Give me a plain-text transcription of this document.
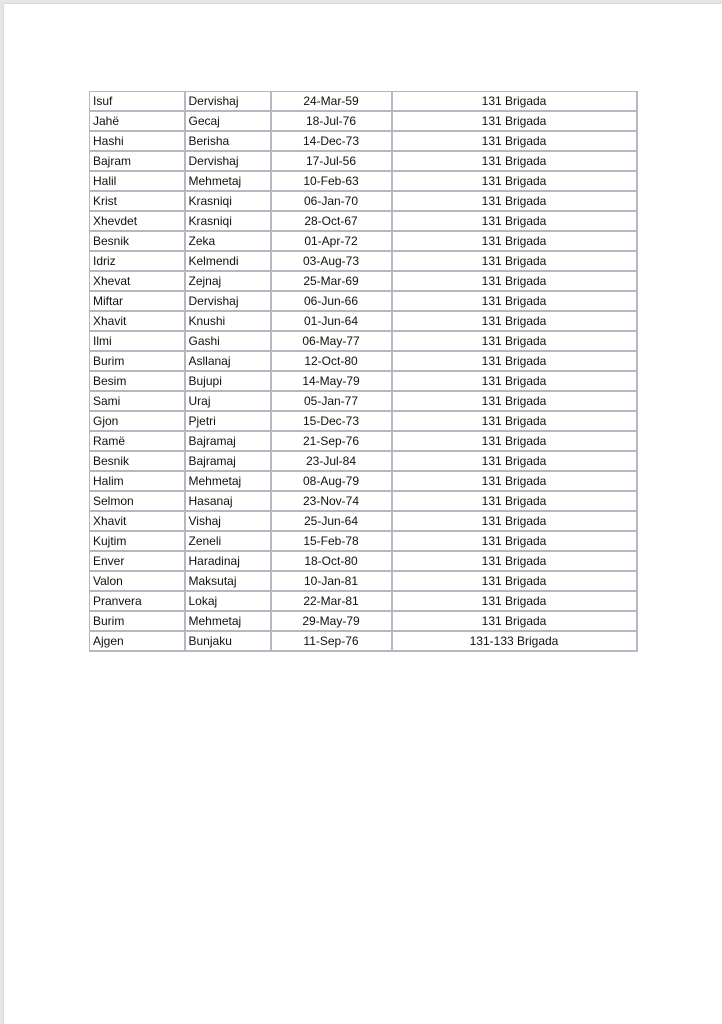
Isuf	Dervishaj	24-Mar-59	131 Brigada
Jahë	Gecaj	18-Jul-76	131 Brigada
Hashi	Berisha	14-Dec-73	131 Brigada
Bajram	Dervishaj	17-Jul-56	131 Brigada
Halil	Mehmetaj	10-Feb-63	131 Brigada
Krist	Krasniqi	06-Jan-70	131 Brigada
Xhevdet	Krasniqi	28-Oct-67	131 Brigada
Besnik	Zeka	01-Apr-72	131 Brigada
Idriz	Kelmendi	03-Aug-73	131 Brigada
Xhevat	Zejnaj	25-Mar-69	131 Brigada
Miftar	Dervishaj	06-Jun-66	131 Brigada
Xhavit	Knushi	01-Jun-64	131 Brigada
Ilmi	Gashi	06-May-77	131 Brigada
Burim	Asllanaj	12-Oct-80	131 Brigada
Besim	Bujupi	14-May-79	131 Brigada
Sami	Uraj	05-Jan-77	131 Brigada
Gjon	Pjetri	15-Dec-73	131 Brigada
Ramë	Bajramaj	21-Sep-76	131 Brigada
Besnik	Bajramaj	23-Jul-84	131 Brigada
Halim	Mehmetaj	08-Aug-79	131 Brigada
Selmon	Hasanaj	23-Nov-74	131 Brigada
Xhavit	Vishaj	25-Jun-64	131 Brigada
Kujtim	Zeneli	15-Feb-78	131 Brigada
Enver	Haradinaj	18-Oct-80	131 Brigada
Valon	Maksutaj	10-Jan-81	131 Brigada
Pranvera	Lokaj	22-Mar-81	131 Brigada
Burim	Mehmetaj	29-May-79	131 Brigada
Ajgen	Bunjaku	11-Sep-76	131-133 Brigada
